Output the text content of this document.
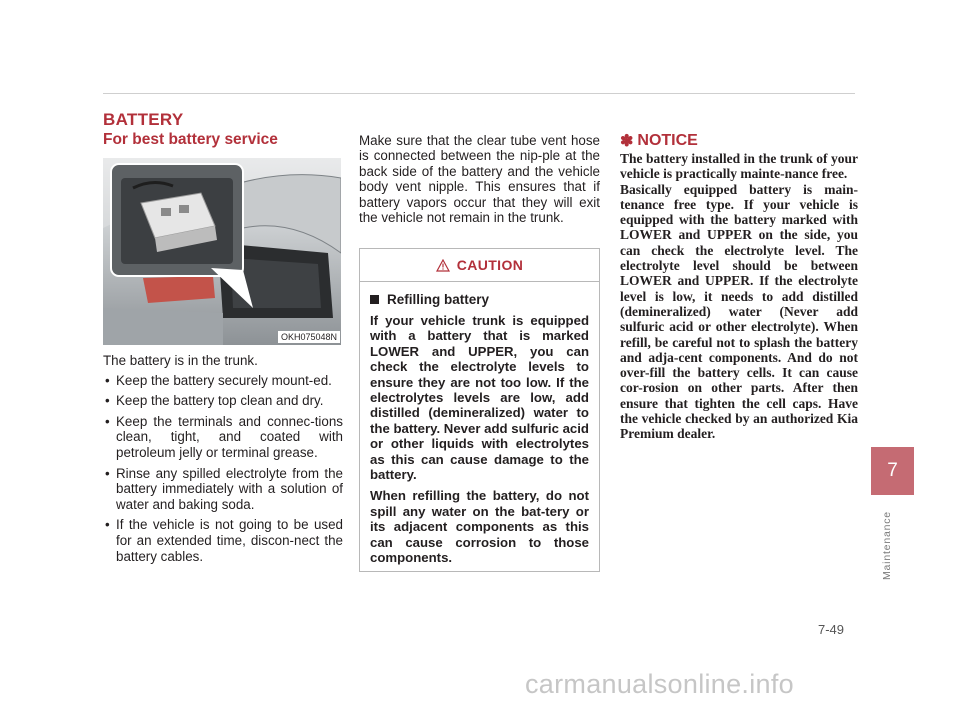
BATTERY
For best battery service
OKH075048N

The battery is in the trunk.

• Keep the battery securely mount-ed.
• Keep the battery top clean and dry.
• Keep the terminals and connec-tions clean, tight, and coated with petroleum jelly or terminal grease.
• Rinse any spilled electrolyte from the battery immediately with a solution of water and baking soda.
• If the vehicle is not going to be used for an extended time, discon-nect the battery cables.
Make sure that the clear tube vent hose is connected between the nip-ple at the back side of the battery and the vehicle body vent nipple. This ensures that if battery vapors occur that they will exit the vehicle not remain in the trunk.
CAUTION
Refilling battery

If your vehicle trunk is equipped with a battery that is marked LOWER and UPPER, you can check the electrolyte levels to ensure they are not too low. If the electrolytes levels are low, add distilled (demineralized) water to the battery. Never add sulfuric acid or other liquids with electrolytes as this can cause damage to the battery.

When refilling the battery, do not spill any water on the bat-tery or its adjacent components as this can cause corrosion to those components.

✽ NOTICE

The battery installed in the trunk of your vehicle is practically mainte-nance free.

Basically equipped battery is main-tenance free type. If your vehicle is equipped with the battery marked with LOWER and UPPER on the side, you can check the electrolyte level. The electrolyte level should be between LOWER and UPPER. If the electrolyte level is low, it needs to add distilled (demineralized) water (Never add sulfuric acid or other electrolyte). When refill, be careful not to splash the battery and adja-cent components. And do not over-fill the battery cells. It can cause cor-rosion on other parts. After then ensure that tighten the cell caps. Have the vehicle checked by an authorized Kia Premium dealer.

7
Maintenance
7-49
carmanualsonline.info
